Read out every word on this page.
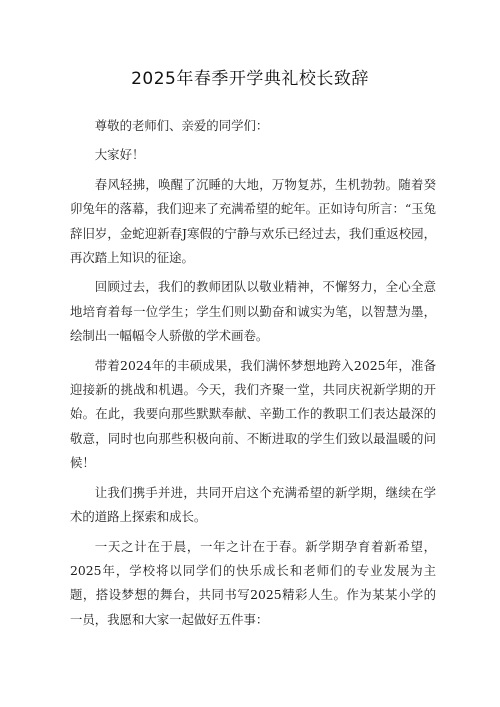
2025年春季开学典礼校长致辞

尊敬的老师们、亲爱的同学们：

大家好！

春风轻拂，唤醒了沉睡的大地，万物复苏，生机勃勃。随着癸卯兔年的落幕，我们迎来了充满希望的蛇年。正如诗句所言：“玉兔辞旧岁，金蛇迎新春J寒假的宁静与欢乐已经过去，我们重返校园，再次踏上知识的征途。

回顾过去，我们的教师团队以敬业精神，不懈努力，全心全意地培育着每一位学生；学生们则以勤奋和诚实为笔，以智慧为墨，绘制出一幅幅令人骄傲的学术画卷。

带着2024年的丰硕成果，我们满怀梦想地跨入2025年，准备迎接新的挑战和机遇。今天，我们齐聚一堂，共同庆祝新学期的开始。在此，我要向那些默默奉献、辛勤工作的教职工们表达最深的敬意，同时也向那些积极向前、不断进取的学生们致以最温暖的问候！

让我们携手并进，共同开启这个充满希望的新学期，继续在学术的道路上探索和成长。

一天之计在于晨，一年之计在于春。新学期孕育着新希望，2025年，学校将以同学们的快乐成长和老师们的专业发展为主题，搭设梦想的舞台，共同书写2025精彩人生。作为某某小学的一员，我愿和大家一起做好五件事：
